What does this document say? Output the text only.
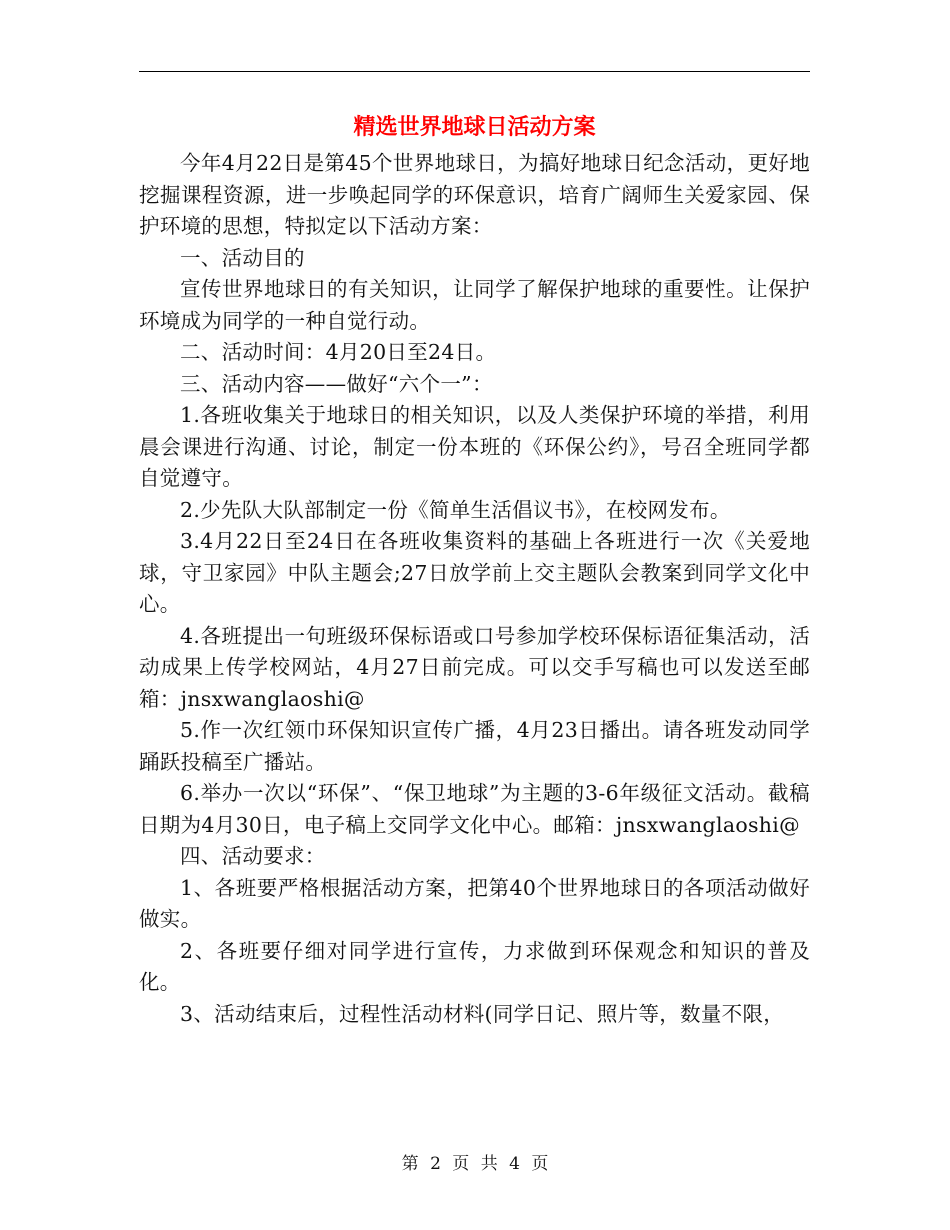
精选世界地球日活动方案

今年4月22日是第45个世界地球日，为搞好地球日纪念活动，更好地挖掘课程资源，进一步唤起同学的环保意识，培育广阔师生关爱家园、保护环境的思想，特拟定以下活动方案：

一、活动目的

宣传世界地球日的有关知识，让同学了解保护地球的重要性。让保护环境成为同学的一种自觉行动。

二、活动时间：4月20日至24日。

三、活动内容——做好“六个一”：

1.各班收集关于地球日的相关知识，以及人类保护环境的举措，利用晨会课进行沟通、讨论，制定一份本班的《环保公约》，号召全班同学都自觉遵守。

2.少先队大队部制定一份《简单生活倡议书》，在校网发布。

3.4月22日至24日在各班收集资料的基础上各班进行一次《关爱地球，守卫家园》中队主题会;27日放学前上交主题队会教案到同学文化中心。

4.各班提出一句班级环保标语或口号参加学校环保标语征集活动，活动成果上传学校网站，4月27日前完成。可以交手写稿也可以发送至邮箱：jnsxwanglaoshi@

5.作一次红领巾环保知识宣传广播，4月23日播出。请各班发动同学踊跃投稿至广播站。

6.举办一次以“环保”、“保卫地球”为主题的3-6年级征文活动。截稿日期为4月30日，电子稿上交同学文化中心。邮箱：jnsxwanglaoshi@

四、活动要求：

1、各班要严格根据活动方案，把第40个世界地球日的各项活动做好做实。

2、各班要仔细对同学进行宣传，力求做到环保观念和知识的普及化。

3、活动结束后，过程性活动材料(同学日记、照片等，数量不限，

第 2 页 共 4 页
